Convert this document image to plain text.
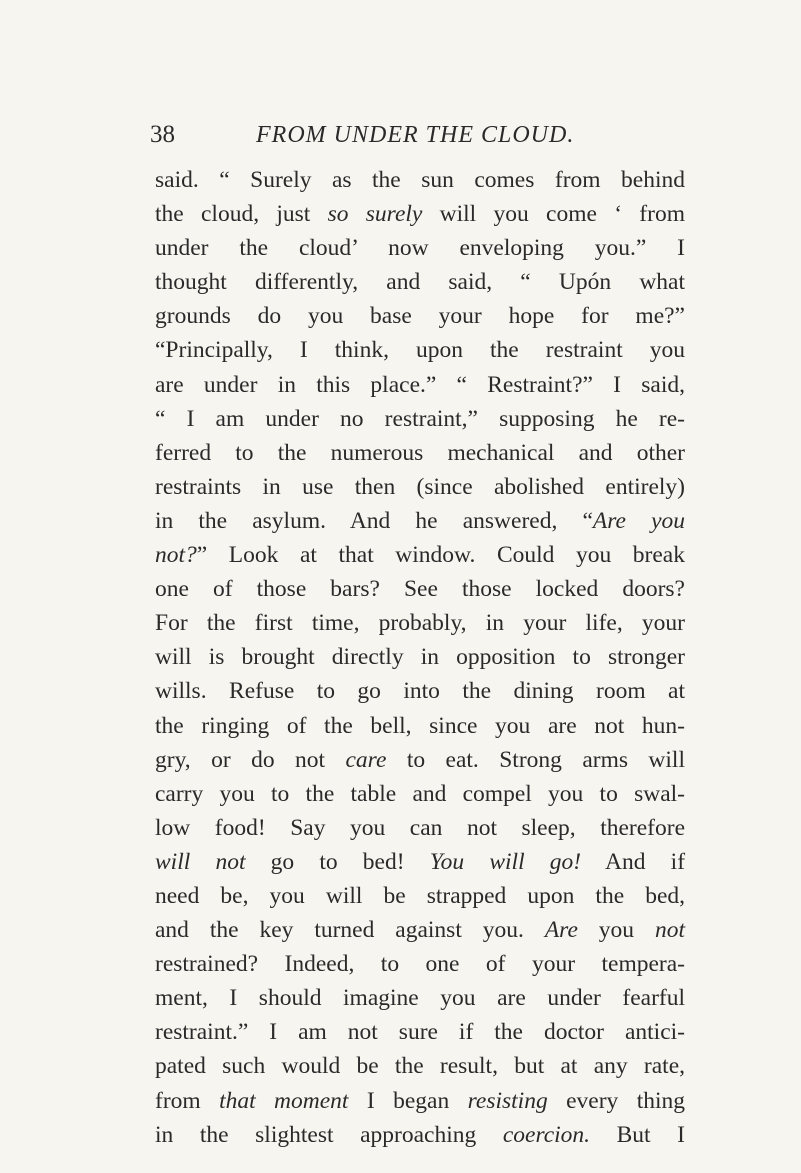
38	FROM UNDER THE CLOUD.
said. “ Surely as the sun comes from behind
the cloud, just so surely will you come ‘ from
under the cloud’ now enveloping you.” I
thought differently, and said, “ Upón what
grounds do you base your hope for me?”
“Principally, I think, upon the restraint you
are under in this place.” “ Restraint?” I said,
“ I am under no restraint,” supposing he re-
ferred to the numerous mechanical and other
restraints in use then (since abolished entirely)
in the asylum. And he answered, “Are you
not?” Look at that window. Could you break
one of those bars? See those locked doors?
For the first time, probably, in your life, your
will is brought directly in opposition to stronger
wills. Refuse to go into the dining room at
the ringing of the bell, since you are not hun-
gry, or do not care to eat. Strong arms will
carry you to the table and compel you to swal-
low food! Say you can not sleep, therefore
will not go to bed! You will go! And if
need be, you will be strapped upon the bed,
and the key turned against you. Are you not
restrained? Indeed, to one of your tempera-
ment, I should imagine you are under fearful
restraint.” I am not sure if the doctor antici-
pated such would be the result, but at any rate,
from that moment I began resisting every thing
in the slightest approaching coercion. But I
